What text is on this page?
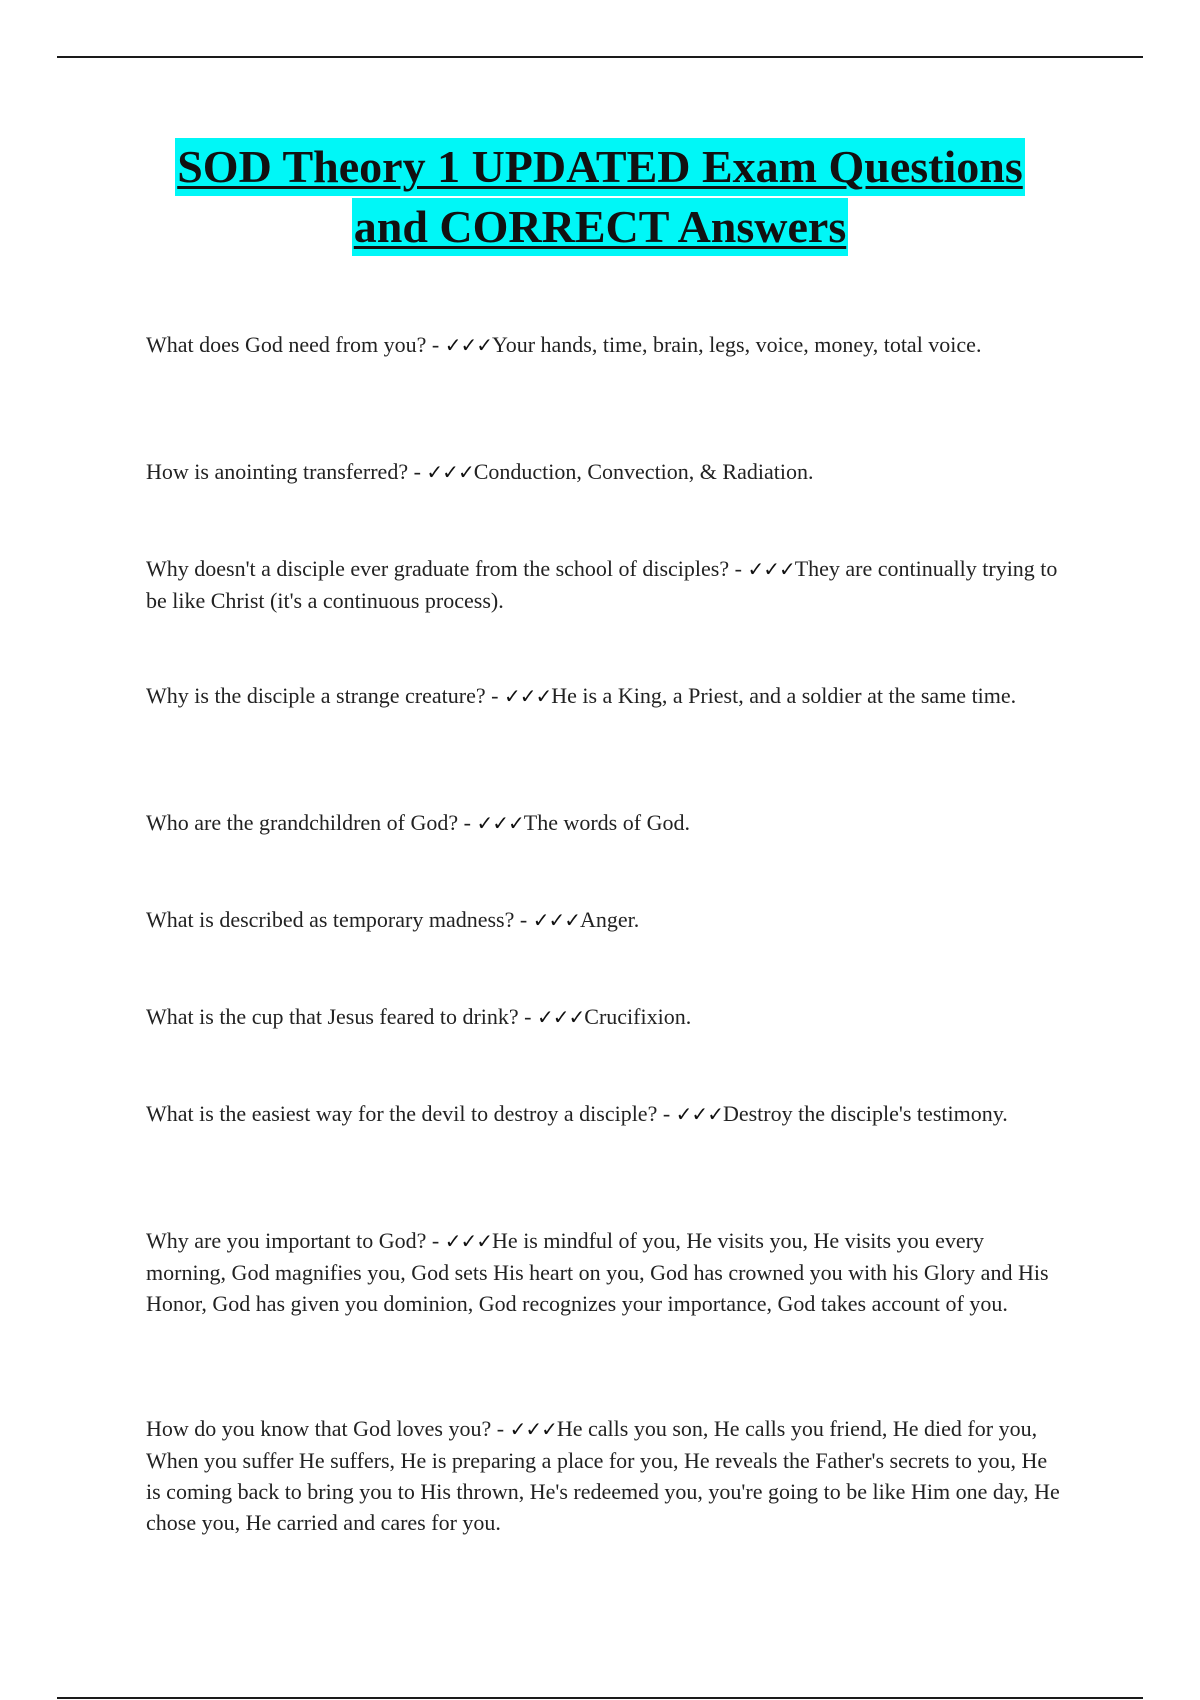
SOD Theory 1 UPDATED Exam Questions
and CORRECT Answers

What does God need from you? - ✓✓✓Your hands, time, brain, legs, voice, money, total voice.

How is anointing transferred? - ✓✓✓Conduction, Convection, & Radiation.

Why doesn't a disciple ever graduate from the school of disciples? - ✓✓✓They are continually trying to be like Christ (it's a continuous process).

Why is the disciple a strange creature? - ✓✓✓He is a King, a Priest, and a soldier at the same time.

Who are the grandchildren of God? - ✓✓✓The words of God.

What is described as temporary madness? - ✓✓✓Anger.

What is the cup that Jesus feared to drink? - ✓✓✓Crucifixion.

What is the easiest way for the devil to destroy a disciple? - ✓✓✓Destroy the disciple's testimony.

Why are you important to God? - ✓✓✓He is mindful of you, He visits you, He visits you every morning, God magnifies you, God sets His heart on you, God has crowned you with his Glory and His Honor, God has given you dominion, God recognizes your importance, God takes account of you.

How do you know that God loves you? - ✓✓✓He calls you son, He calls you friend, He died for you, When you suffer He suffers, He is preparing a place for you, He reveals the Father's secrets to you, He is coming back to bring you to His thrown, He's redeemed you, you're going to be like Him one day, He chose you, He carried and cares for you.
